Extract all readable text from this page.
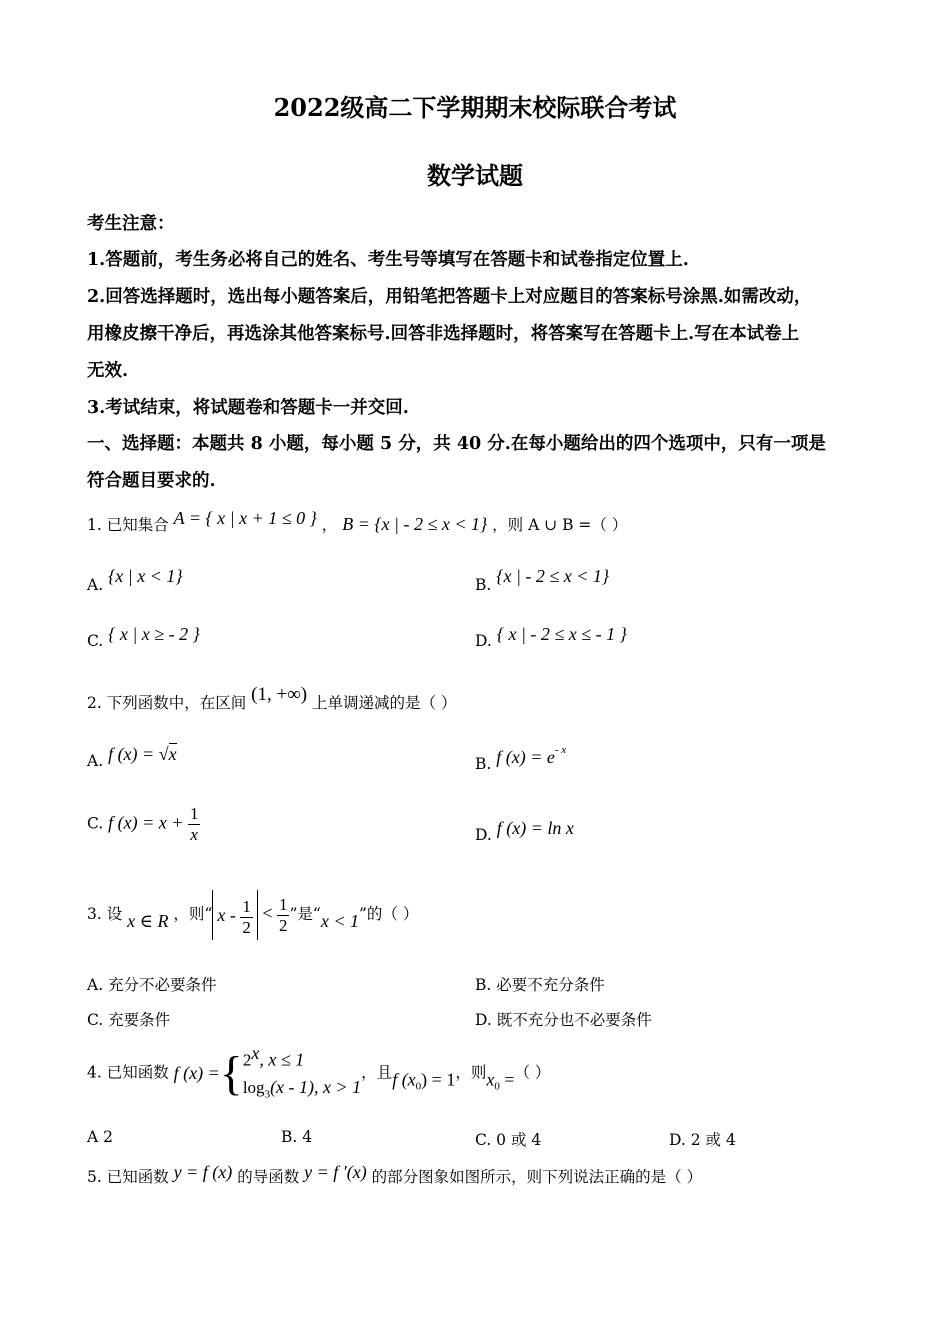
2022级高二下学期期末校际联合考试
数学试题
考生注意：
1.答题前，考生务必将自己的姓名、考生号等填写在答题卡和试卷指定位置上.
2.回答选择题时，选出每小题答案后，用铅笔把答题卡上对应题目的答案标号涂黑.如需改动，
用橡皮擦干净后，再选涂其他答案标号.回答非选择题时，将答案写在答题卡上.写在本试卷上
无效.
3.考试结束，将试题卷和答题卡一并交回.
一、选择题：本题共 8 小题，每小题 5 分，共 40 分.在每小题给出的四个选项中，只有一项是
符合题目要求的.
1. 已知集合 A = { x | x + 1 ≤ 0 } ， B = {x | - 2 ≤ x < 1} ，则 A ∪ B =（ ）
A. {x | x < 1}	B. {x | - 2 ≤ x < 1}
C. { x | x ≥ - 2 }	D. { x | - 2 ≤ x ≤ - 1 }
2. 下列函数中，在区间 (1, +∞) 上单调递减的是（ ）
A. f (x) = √x	B. f $(x) = e^{- x}$
C. f $(x) = x + \frac{1}{x}$	D. f (x) = ln x
3. 设 x ∈ R ，则“ $x - \frac{1}{2} < \frac{1}{2}$ ”是“x < 1”的（ ）
A. 充分不必要条件	B. 必要不充分条件
C. 充要条件	D. 既不充分也不必要条件
4. 已知函数 f (x) ={ 2$^x$, x ≤ 1
$\log_3(x - 1)$, x > 1
，且f $(x_0) = 1$，则$x_0$ =（ ）
A 2	B. 4	C. 0 或 4	D. 2 或 4
5. 已知函数 y = f (x) 的导函数 y = f ′(x) 的部分图象如图所示，则下列说法正确的是（ ）
